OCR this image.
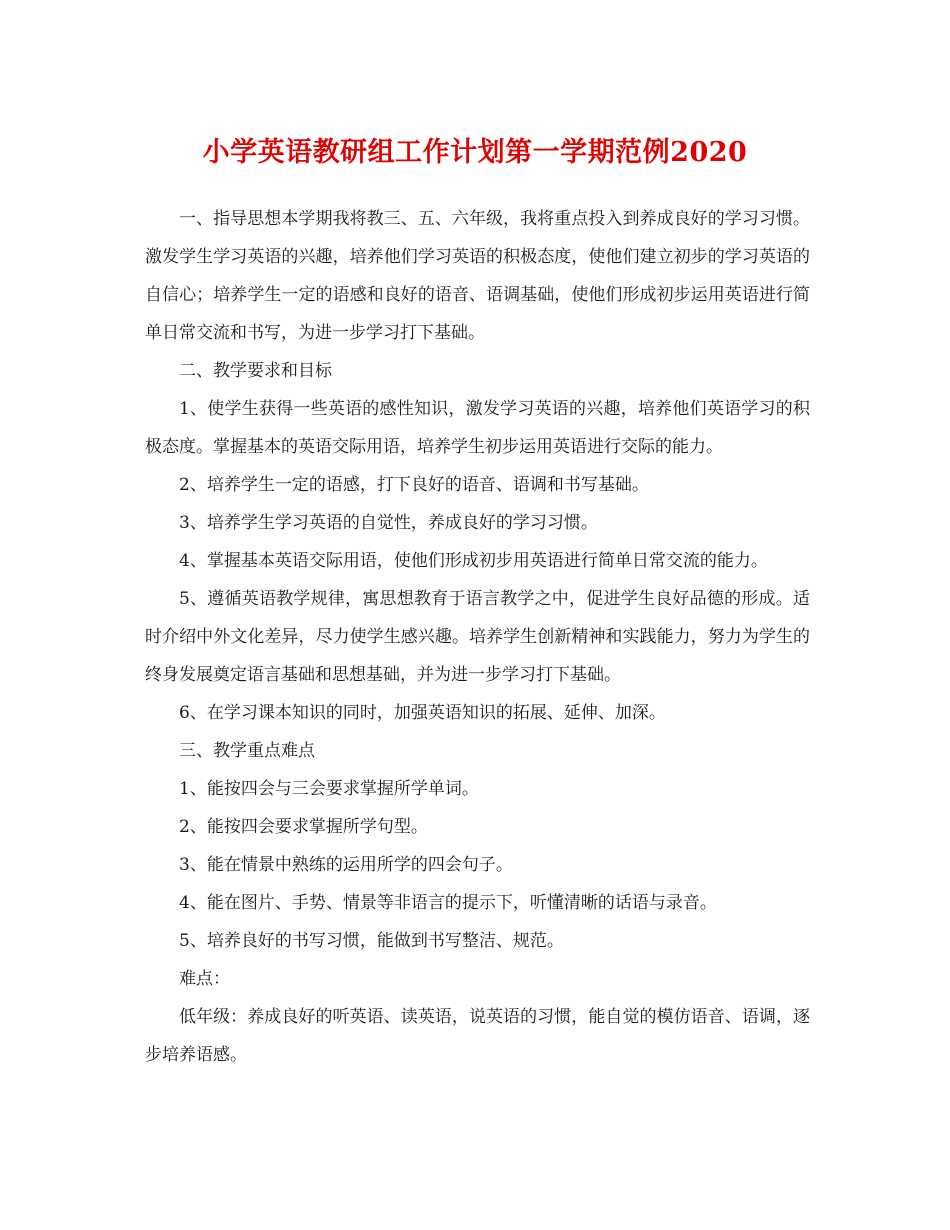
小学英语教研组工作计划第一学期范例2020

一、指导思想本学期我将教三、五、六年级，我将重点投入到养成良好的学习习惯。激发学生学习英语的兴趣，培养他们学习英语的积极态度，使他们建立初步的学习英语的自信心；培养学生一定的语感和良好的语音、语调基础，使他们形成初步运用英语进行简单日常交流和书写，为进一步学习打下基础。

二、教学要求和目标

1、使学生获得一些英语的感性知识，激发学习英语的兴趣，培养他们英语学习的积极态度。掌握基本的英语交际用语，培养学生初步运用英语进行交际的能力。

2、培养学生一定的语感，打下良好的语音、语调和书写基础。

3、培养学生学习英语的自觉性，养成良好的学习习惯。

4、掌握基本英语交际用语，使他们形成初步用英语进行简单日常交流的能力。

5、遵循英语教学规律，寓思想教育于语言教学之中，促进学生良好品德的形成。适时介绍中外文化差异，尽力使学生感兴趣。培养学生创新精神和实践能力，努力为学生的终身发展奠定语言基础和思想基础，并为进一步学习打下基础。

6、在学习课本知识的同时，加强英语知识的拓展、延伸、加深。

三、教学重点难点

1、能按四会与三会要求掌握所学单词。

2、能按四会要求掌握所学句型。

3、能在情景中熟练的运用所学的四会句子。

4、能在图片、手势、情景等非语言的提示下，听懂清晰的话语与录音。

5、培养良好的书写习惯，能做到书写整洁、规范。

难点：

低年级：养成良好的听英语、读英语，说英语的习惯，能自觉的模仿语音、语调，逐步培养语感。
